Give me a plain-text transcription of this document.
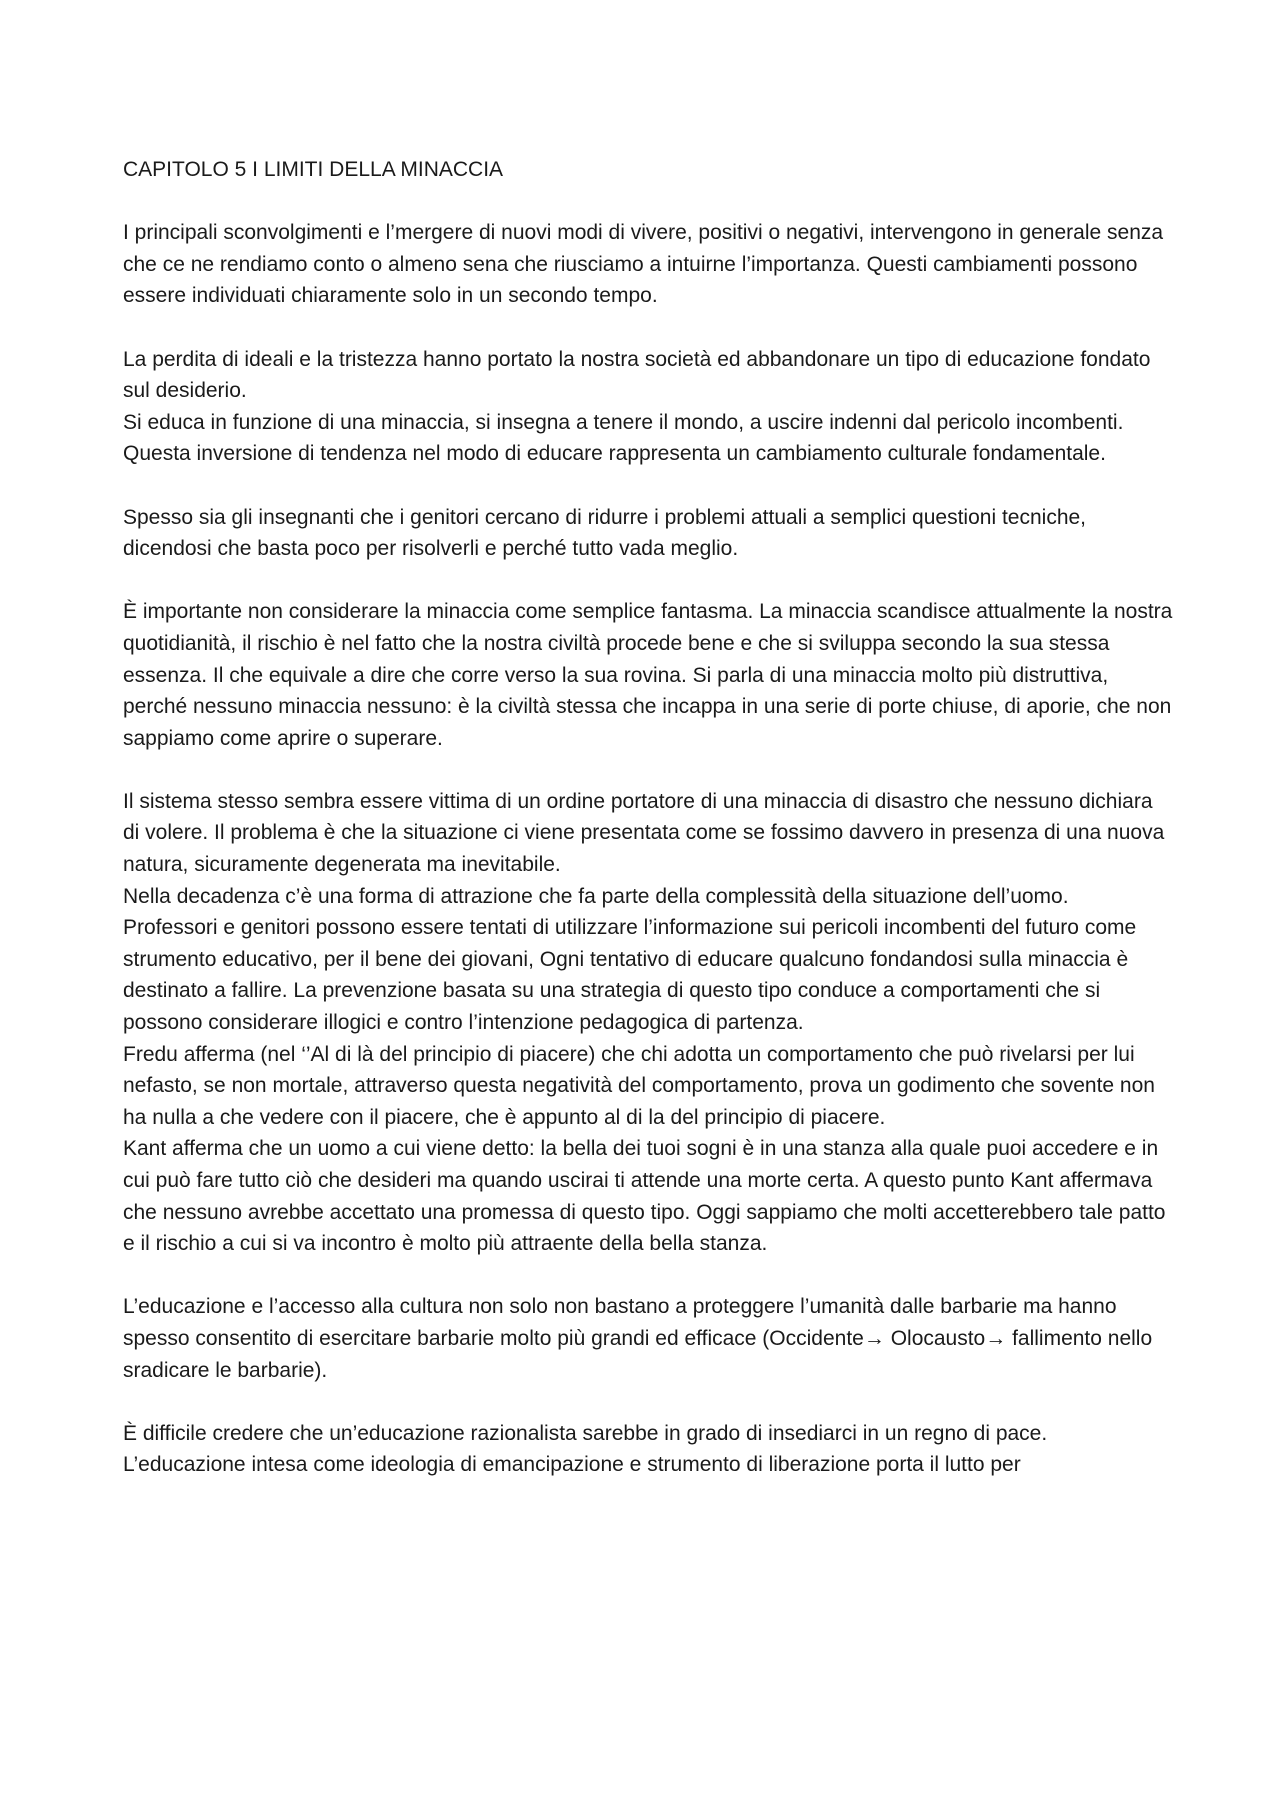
CAPITOLO 5 I LIMITI DELLA MINACCIA

I principali sconvolgimenti e l’mergere di nuovi modi di vivere, positivi o negativi, intervengono in generale senza che ce ne rendiamo conto o almeno sena che riusciamo a intuirne l’importanza. Questi cambiamenti possono essere individuati chiaramente solo in un secondo tempo.

La perdita di ideali e la tristezza hanno portato la nostra società ed abbandonare un tipo di educazione fondato sul desiderio.

Si educa in funzione di una minaccia, si insegna a tenere il mondo, a uscire indenni dal pericolo incombenti. Questa inversione di tendenza nel modo di educare rappresenta un cambiamento culturale fondamentale.

Spesso sia gli insegnanti che i genitori cercano di ridurre i problemi attuali a semplici questioni tecniche, dicendosi che basta poco per risolverli e perché tutto vada meglio.

È importante non considerare la minaccia come semplice fantasma. La minaccia scandisce attualmente la nostra quotidianità, il rischio è nel fatto che la nostra civiltà procede bene e che si sviluppa secondo la sua stessa essenza. Il che equivale a dire che corre verso la sua rovina. Si parla di una minaccia molto più distruttiva, perché nessuno minaccia nessuno: è la civiltà stessa che incappa in una serie di porte chiuse, di aporie, che non sappiamo come aprire o superare.

Il sistema stesso sembra essere vittima di un ordine portatore di una minaccia di disastro che nessuno dichiara di volere. Il problema è che la situazione ci viene presentata come se fossimo davvero in presenza di una nuova natura, sicuramente degenerata ma inevitabile.

Nella decadenza c’è una forma di attrazione che fa parte della complessità della situazione dell’uomo.

Professori e genitori possono essere tentati di utilizzare l’informazione sui pericoli incombenti del futuro come strumento educativo, per il bene dei giovani, Ogni tentativo di educare qualcuno fondandosi sulla minaccia è destinato a fallire. La prevenzione basata su una strategia di questo tipo conduce a comportamenti che si possono considerare illogici e contro l’intenzione pedagogica di partenza.

Fredu afferma (nel ‘’Al di là del principio di piacere) che chi adotta un comportamento che può rivelarsi per lui nefasto, se non mortale, attraverso questa negatività del comportamento, prova un godimento che sovente non ha nulla a che vedere con il piacere, che è appunto al di la del principio di piacere.

Kant afferma che un uomo a cui viene detto: la bella dei tuoi sogni è in una stanza alla quale puoi accedere e in cui può fare tutto ciò che desideri ma quando uscirai ti attende una morte certa. A questo punto Kant affermava che nessuno avrebbe accettato una promessa di questo tipo. Oggi sappiamo che molti accetterebbero tale patto e il rischio a cui si va incontro è molto più attraente della bella stanza.

L’educazione e l’accesso alla cultura non solo non bastano a proteggere l’umanità dalle barbarie ma hanno spesso consentito di esercitare barbarie molto più grandi ed efficace (Occidente→ Olocausto→ fallimento nello sradicare le barbarie).

È difficile credere che un’educazione razionalista sarebbe in grado di insediarci in un regno di pace. L’educazione intesa come ideologia di emancipazione e strumento di liberazione porta il lutto per
